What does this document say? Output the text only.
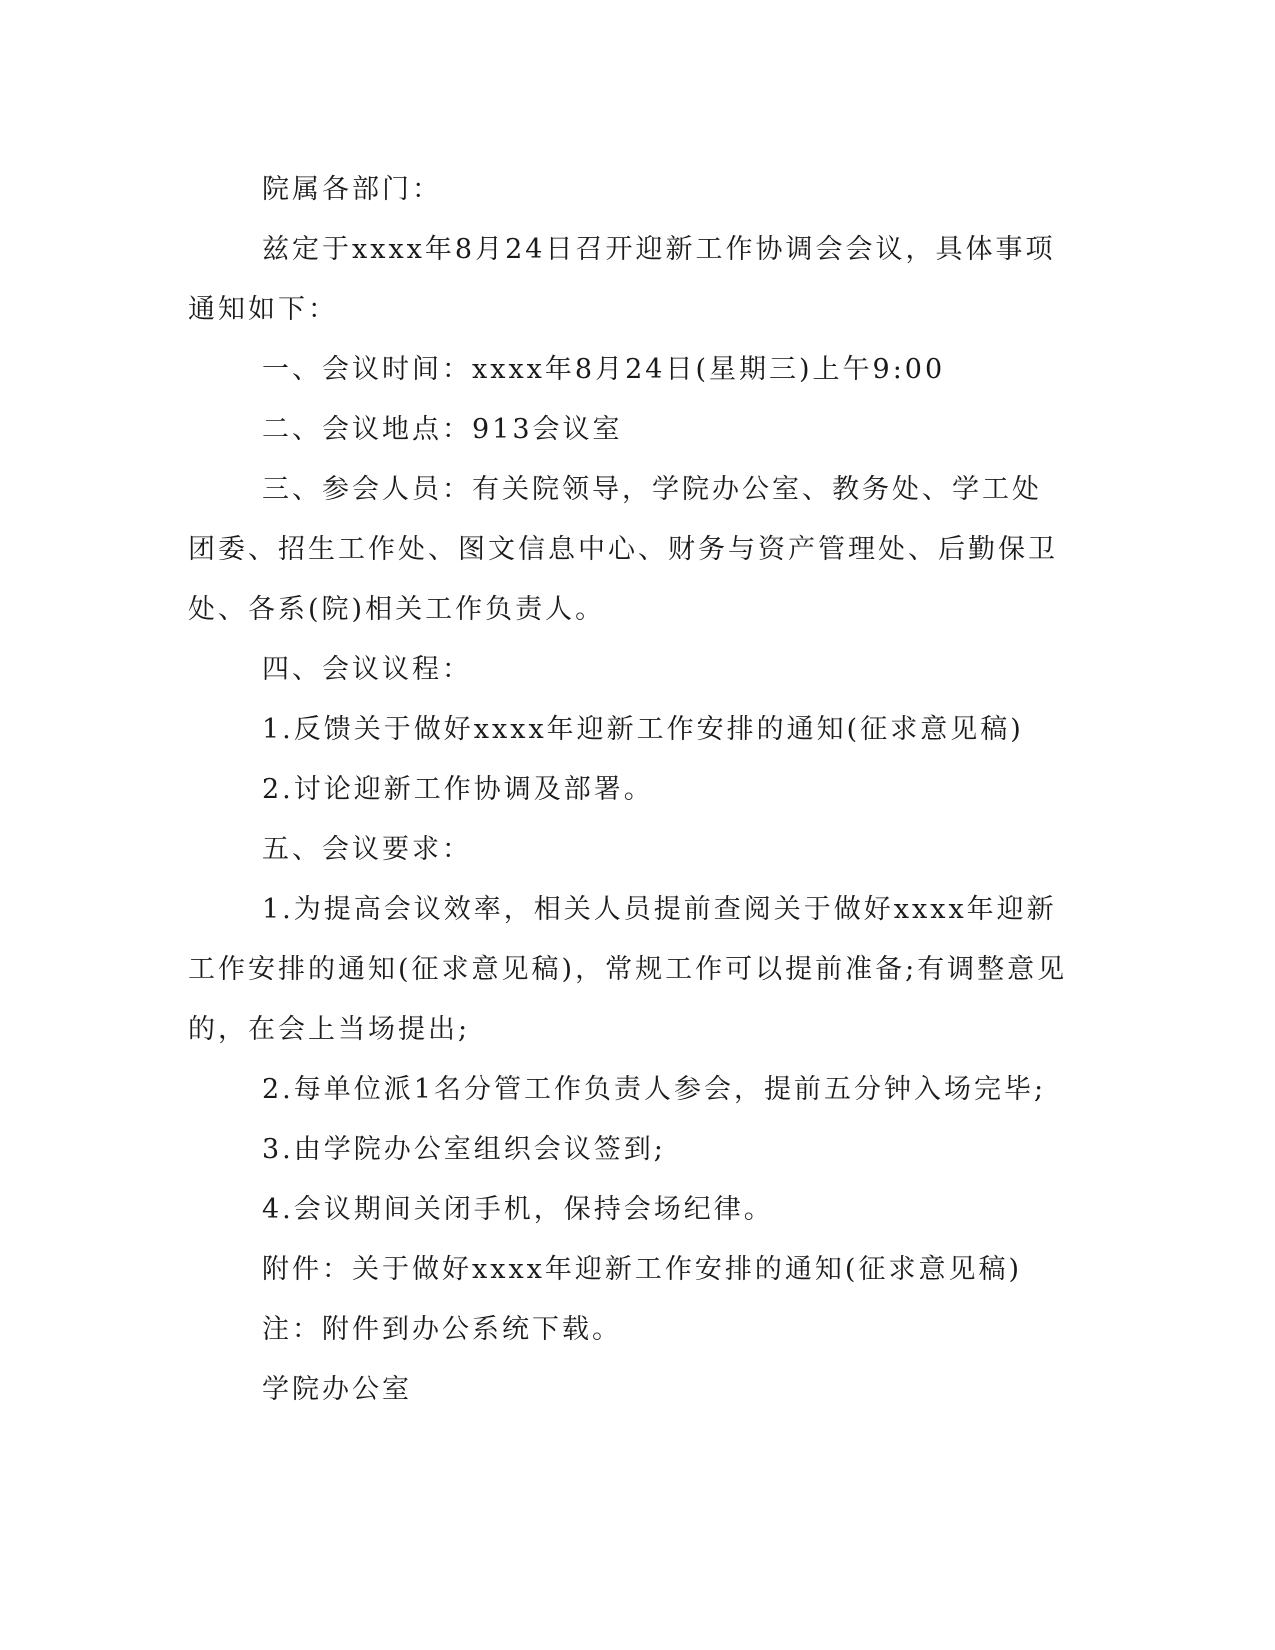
院属各部门：

兹定于xxxx年8月24日召开迎新工作协调会会议，具体事项通知如下：

一、会议时间：xxxx年8月24日(星期三)上午9:00

二、会议地点：913会议室

三、参会人员：有关院领导，学院办公室、教务处、学工处团委、招生工作处、图文信息中心、财务与资产管理处、后勤保卫处、各系(院)相关工作负责人。

四、会议议程：

1.反馈关于做好xxxx年迎新工作安排的通知(征求意见稿)

2.讨论迎新工作协调及部署。

五、会议要求：

1.为提高会议效率，相关人员提前查阅关于做好xxxx年迎新工作安排的通知(征求意见稿)，常规工作可以提前准备;有调整意见的，在会上当场提出;

2.每单位派1名分管工作负责人参会，提前五分钟入场完毕;

3.由学院办公室组织会议签到;

4.会议期间关闭手机，保持会场纪律。

附件：关于做好xxxx年迎新工作安排的通知(征求意见稿)

注：附件到办公系统下载。

学院办公室
